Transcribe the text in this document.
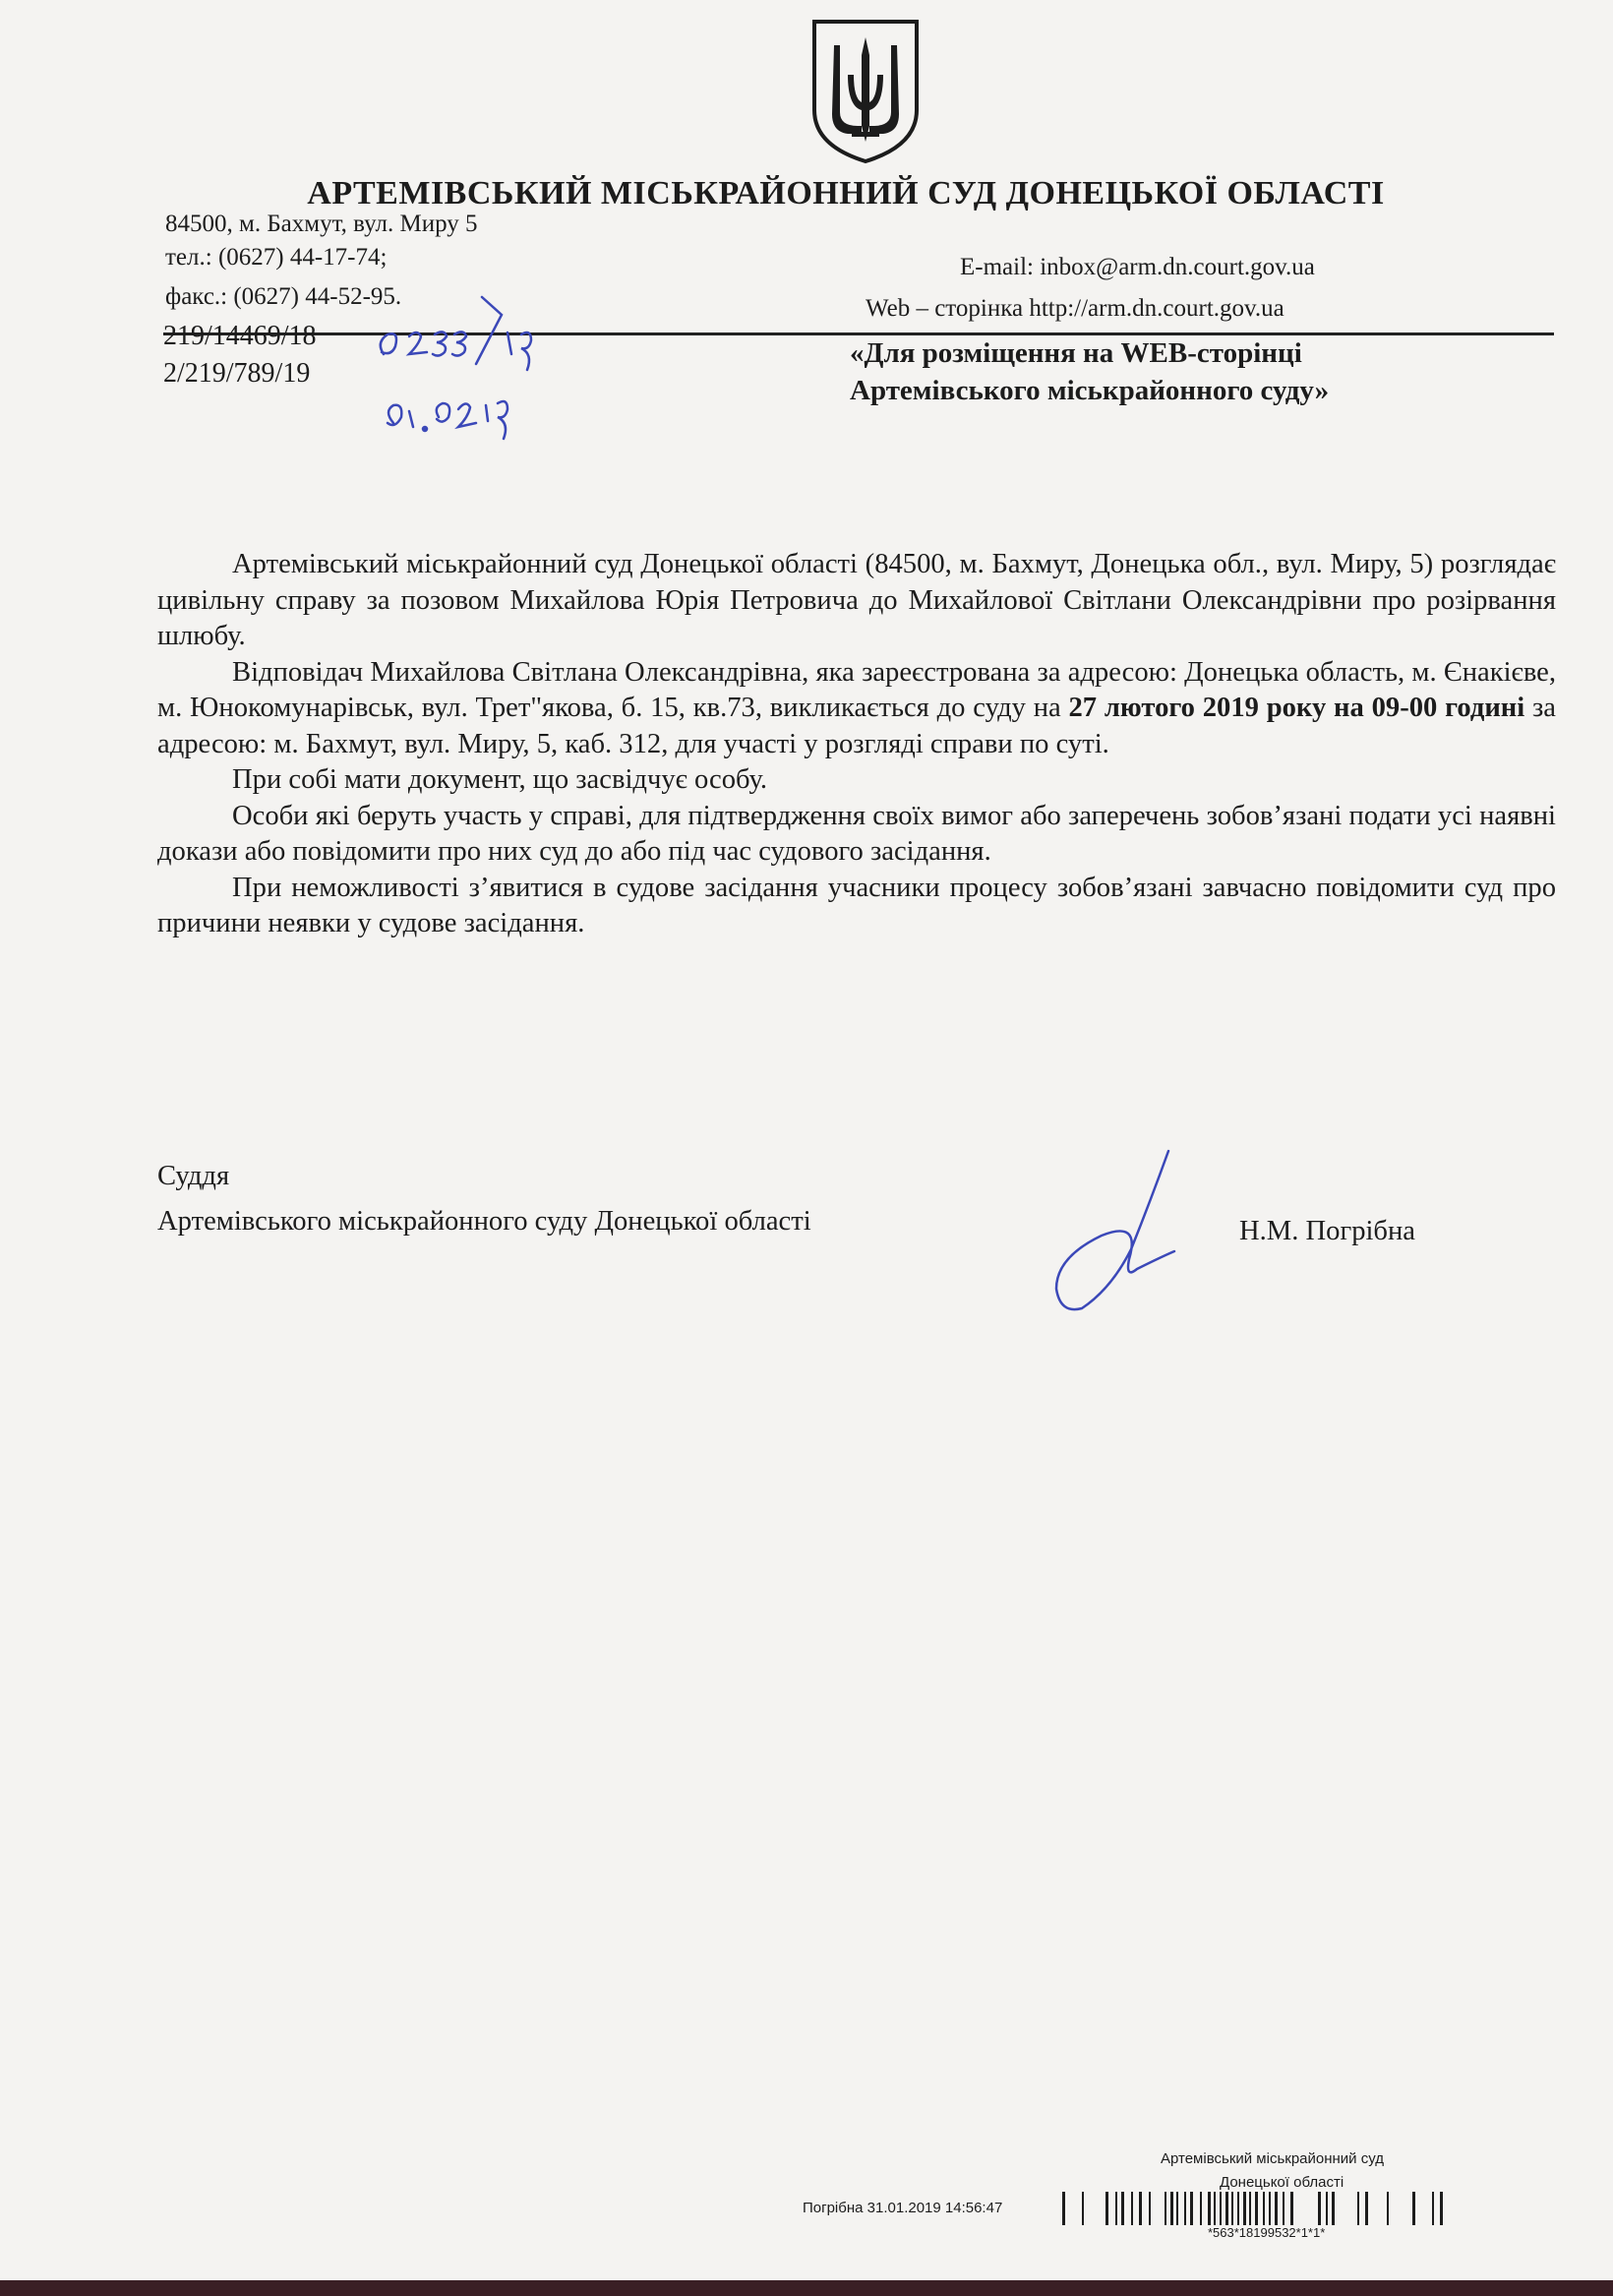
АРТЕМІВСЬКИЙ МІСЬКРАЙОННИЙ СУД ДОНЕЦЬКОЇ ОБЛАСТІ
84500, м. Бахмут, вул. Миру 5
тел.: (0627) 44-17-74;
факс.: (0627) 44-52-95.
E-mail: inbox@arm.dn.court.gov.ua
Web – сторінка http://arm.dn.court.gov.ua
219/14469/18
2/219/789/19
«Для розміщення на WEB-сторінці
Артемівського міськрайонного суду»

Артемівський міськрайонний суд Донецької області (84500, м. Бахмут, Донецька обл., вул. Миру, 5) розглядає цивільну справу за позовом Михайлова Юрія Петровича до Михайлової Світлани Олександрівни про розірвання шлюбу.

Відповідач Михайлова Світлана Олександрівна, яка зареєстрована за адресою: Донецька область, м. Єнакієве, м. Юнокомунарівськ, вул. Трет"якова, б. 15, кв.73, викликається до суду на 27 лютого 2019 року на 09-00 годині за адресою: м. Бахмут, вул. Миру, 5, каб. 312, для участі у розгляді справи по суті.

При собі мати документ, що засвідчує особу.

Особи які беруть участь у справі, для підтвердження своїх вимог або заперечень зобов’язані подати усі наявні докази або повідомити про них суд до або під час судового засідання.

При неможливості з’явитися в судове засідання учасники процесу зобов’язані завчасно повідомити суд про причини неявки у судове засідання.

Суддя
Артемівського міськрайонного суду Донецької області	Н.М. Погрібна
Артемівський міськрайонний суд
Донецької області
Погрібна 31.01.2019 14:56:47
*563*18199532*1*1*
